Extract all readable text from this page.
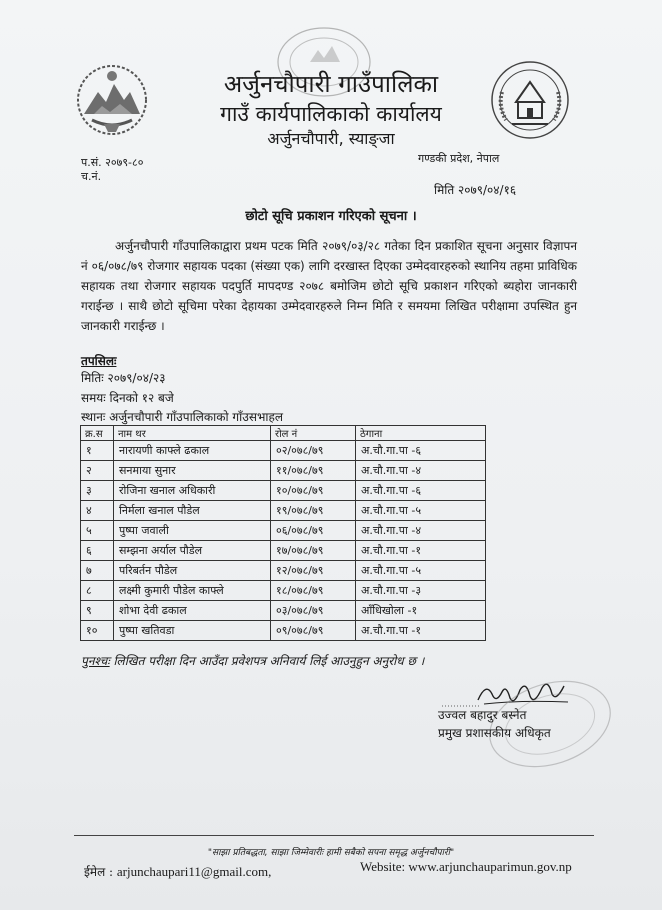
अर्जुनचौपारी गाउँपालिका
गाउँ कार्यपालिकाको कार्यालय
अर्जुनचौपारी, स्याङ्जा
प.सं. २०७९-८०
च.नं.
गण्डकी प्रदेश, नेपाल
मिति २०७९/०४/१६
छोटो सूचि प्रकाशन गरिएको सूचना ।
अर्जुनचौपारी गाँउपालिकाद्वारा प्रथम पटक मिति २०७९/०३/२८ गतेका दिन प्रकाशित सूचना अनुसार विज्ञापन नं ०६/०७८/७९ रोजगार सहायक पदका (संख्या एक) लागि दरखास्त दिएका उम्मेदवारहरुको स्थानिय तहमा प्राविधिक सहायक तथा रोजगार सहायक पदपुर्ति मापदण्ड २०७८ बमोजिम छोटो सूचि प्रकाशन गरिएको ब्यहोरा जानकारी गराईन्छ । साथै छोटो सूचिमा परेका देहायका उम्मेदवारहरुले निम्न मिति र समयमा लिखित परीक्षामा उपस्थित हुन जानकारी गराईन्छ ।
तपसिलः
मितिः २०७९/०४/२३
समयः दिनको १२ बजे
स्थानः अर्जुनचौपारी गाँउपालिकाको गाँउसभाहल
क्र.स	नाम थर	रोल नं	ठेगाना
१	नारायणी काफ्ले ढकाल	०२/०७८/७९	अ.चौ.गा.पा -६
२	सनमाया सुनार	११/०७८/७९	अ.चौ.गा.पा -४
३	रोजिना खनाल अधिकारी	१०/०७८/७९	अ.चौ.गा.पा -६
४	निर्मला खनाल पौडेल	१९/०७८/७९	अ.चौ.गा.पा -५
५	पुष्पा जवाली	०६/०७८/७९	अ.चौ.गा.पा -४
६	सम्झना अर्याल पौडेल	१७/०७८/७९	अ.चौ.गा.पा -१
७	परिबर्तन पौडेल	१२/०७८/७९	अ.चौ.गा.पा -५
८	लक्ष्मी कुमारी पौडेल काफ्ले	१८/०७८/७९	अ.चौ.गा.पा -३
९	शोभा देवी ढकाल	०३/०७८/७९	आँधिखोला -१
१०	पुष्पा खतिवडा	०९/०७८/७९	अ.चौ.गा.पा -१
पुनश्चः लिखित परीक्षा दिन आउँदा प्रवेशपत्र अनिवार्य लिई आउनुहुन अनुरोध छ ।
उज्वल बहादुर बस्नेत
प्रमुख प्रशासकीय अधिकृत
"साझा प्रतिबद्धता, साझा जिम्मेवारीः हामी सबैको सपना समृद्ध अर्जुनचौपारी"
ईमेल : arjunchaupari11@gmail.com,	Website: www.arjunchauparimun.gov.np
